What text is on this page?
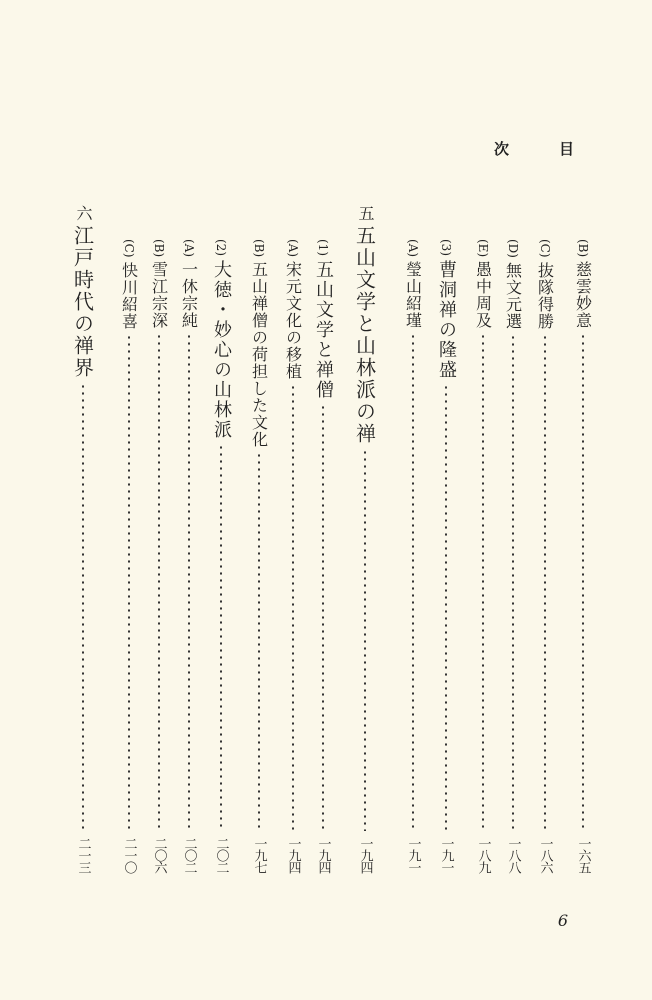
次	目
(B)
慈雲妙意
一六五
(C)
抜隊得勝
一八六
(D)
無文元選
一八八
(E)
愚中周及
一八九
(3)
曹洞禅の隆盛
一九一
(A)
瑩山紹瑾
一九一
五
五山文学と山林派の禅
一九四
(1)
五山文学と禅僧
一九四
(A)
宋元文化の移植
一九四
(B)
五山禅僧の荷担した文化
一九七
(2)
大徳・妙心の山林派
二〇二
(A)
一休宗純
二〇二
(B)
雪江宗深
二〇六
(C)
快川紹喜
二一〇
六
江戸時代の禅界
二一三
6
